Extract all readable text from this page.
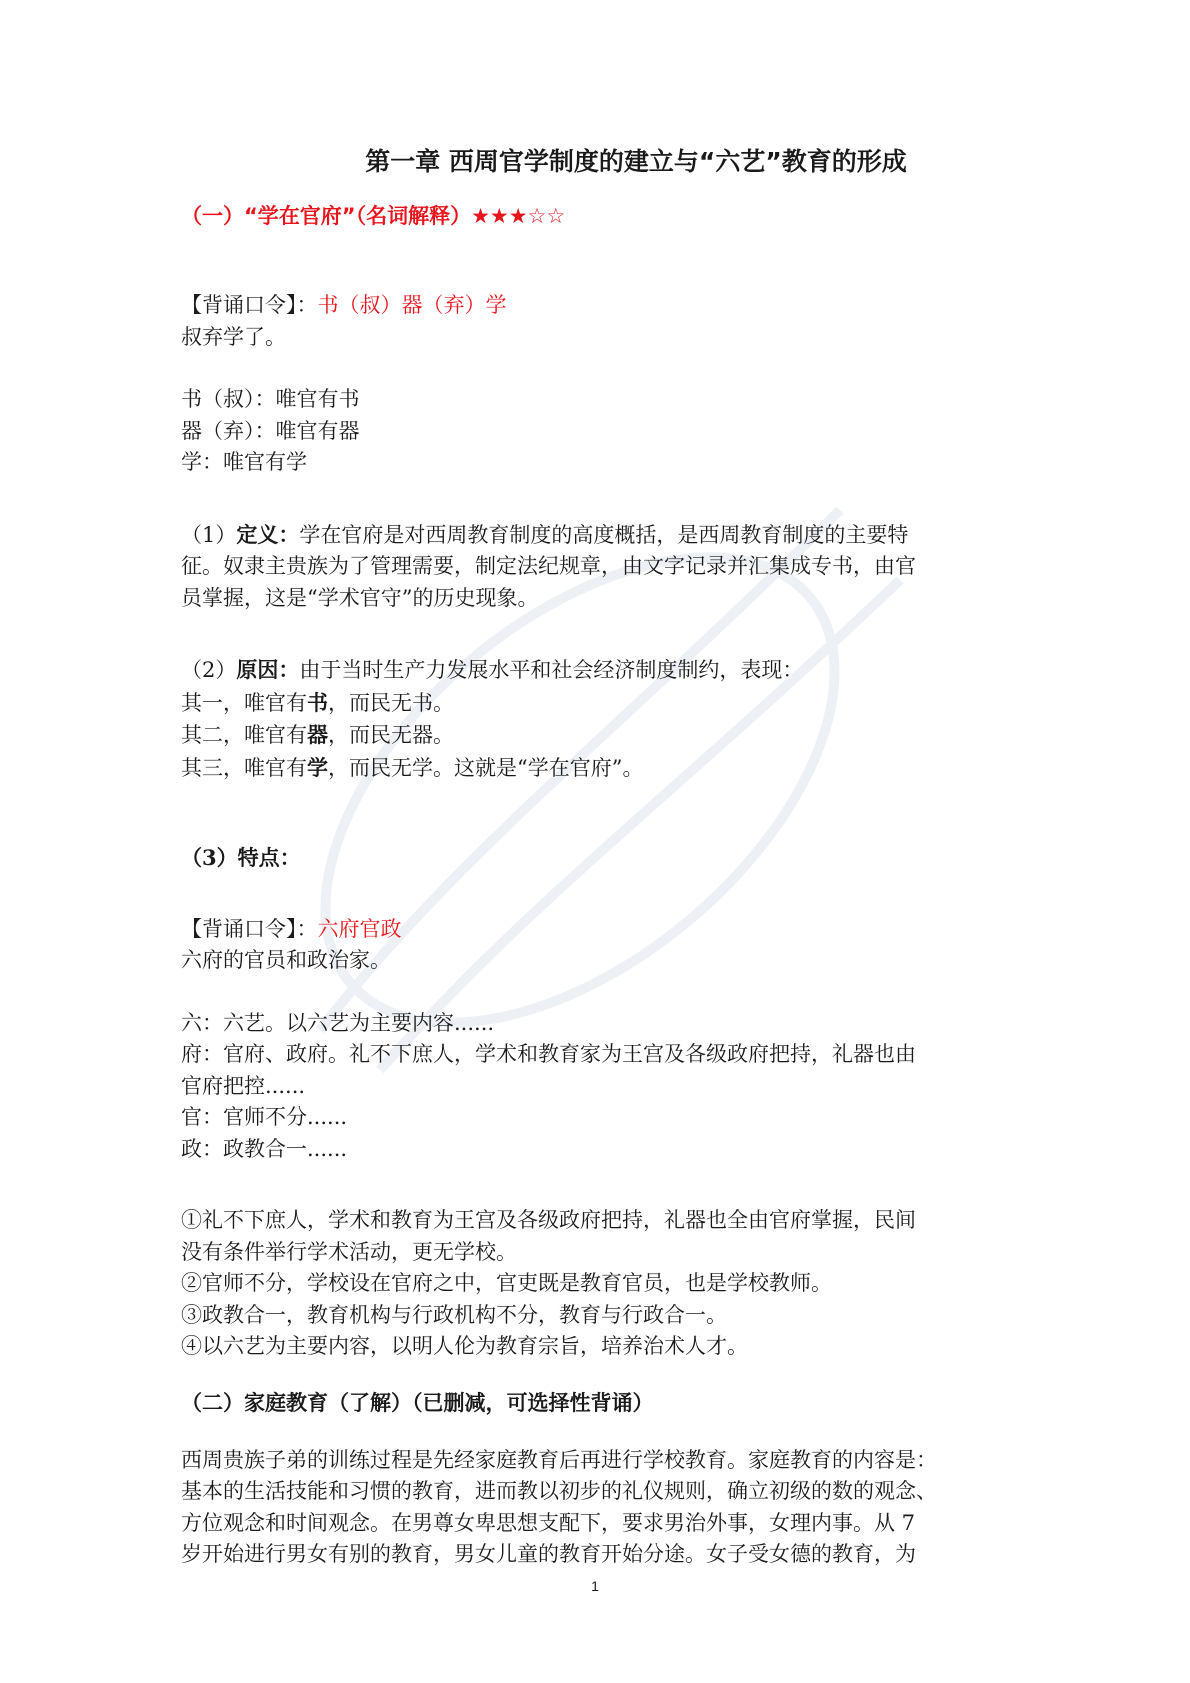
第一章 西周官学制度的建立与“六艺”教育的形成
（一）“学在官府”（名词解释）★★★☆☆
【背诵口令】：书（叔）器（弃）学
叔弃学了。
书（叔）：唯官有书
器（弃）：唯官有器
学：唯官有学
（1）定义：学在官府是对西周教育制度的高度概括，是西周教育制度的主要特
征。奴隶主贵族为了管理需要，制定法纪规章，由文字记录并汇集成专书，由官
员掌握，这是“学术官守”的历史现象。
（2）原因：由于当时生产力发展水平和社会经济制度制约，表现：
其一，唯官有书，而民无书。
其二，唯官有器，而民无器。
其三，唯官有学，而民无学。这就是“学在官府”。
（3）特点：
【背诵口令】：六府官政
六府的官员和政治家。
六：六艺。以六艺为主要内容......
府：官府、政府。礼不下庶人，学术和教育家为王宫及各级政府把持，礼器也由
官府把控......
官：官师不分......
政：政教合一......
①礼不下庶人，学术和教育为王宫及各级政府把持，礼器也全由官府掌握，民间
没有条件举行学术活动，更无学校。
②官师不分，学校设在官府之中，官吏既是教育官员，也是学校教师。
③政教合一，教育机构与行政机构不分，教育与行政合一。
④以六艺为主要内容，以明人伦为教育宗旨，培养治术人才。
（二）家庭教育（了解）（已删减，可选择性背诵）
西周贵族子弟的训练过程是先经家庭教育后再进行学校教育。家庭教育的内容是：
基本的生活技能和习惯的教育，进而教以初步的礼仪规则，确立初级的数的观念、
方位观念和时间观念。在男尊女卑思想支配下，要求男治外事，女理内事。从 7
岁开始进行男女有别的教育，男女儿童的教育开始分途。女子受女德的教育，为
1
